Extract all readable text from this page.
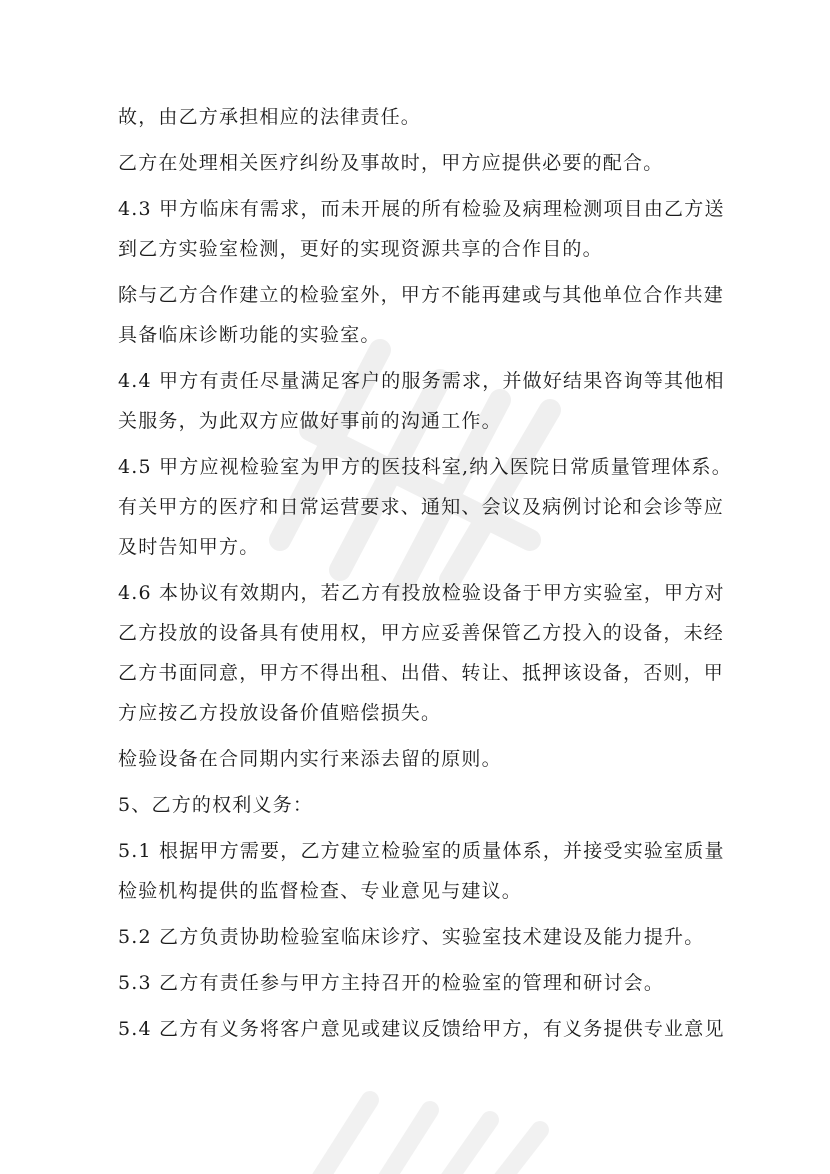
故，由乙方承担相应的法律责任。
乙方在处理相关医疗纠纷及事故时，甲方应提供必要的配合。
4.3 甲方临床有需求，而未开展的所有检验及病理检测项目由乙方送
到乙方实验室检测，更好的实现资源共享的合作目的。
除与乙方合作建立的检验室外，甲方不能再建或与其他单位合作共建
具备临床诊断功能的实验室。
4.4 甲方有责任尽量满足客户的服务需求，并做好结果咨询等其他相
关服务，为此双方应做好事前的沟通工作。
4.5 甲方应视检验室为甲方的医技科室,纳入医院日常质量管理体系。
有关甲方的医疗和日常运营要求、通知、会议及病例讨论和会诊等应
及时告知甲方。
4.6 本协议有效期内，若乙方有投放检验设备于甲方实验室，甲方对
乙方投放的设备具有使用权，甲方应妥善保管乙方投入的设备，未经
乙方书面同意，甲方不得出租、出借、转让、抵押该设备，否则，甲
方应按乙方投放设备价值赔偿损失。
检验设备在合同期内实行来添去留的原则。
5、乙方的权利义务：
5.1 根据甲方需要，乙方建立检验室的质量体系，并接受实验室质量
检验机构提供的监督检查、专业意见与建议。
5.2 乙方负责协助检验室临床诊疗、实验室技术建设及能力提升。
5.3 乙方有责任参与甲方主持召开的检验室的管理和研讨会。
5.4 乙方有义务将客户意见或建议反馈给甲方，有义务提供专业意见
